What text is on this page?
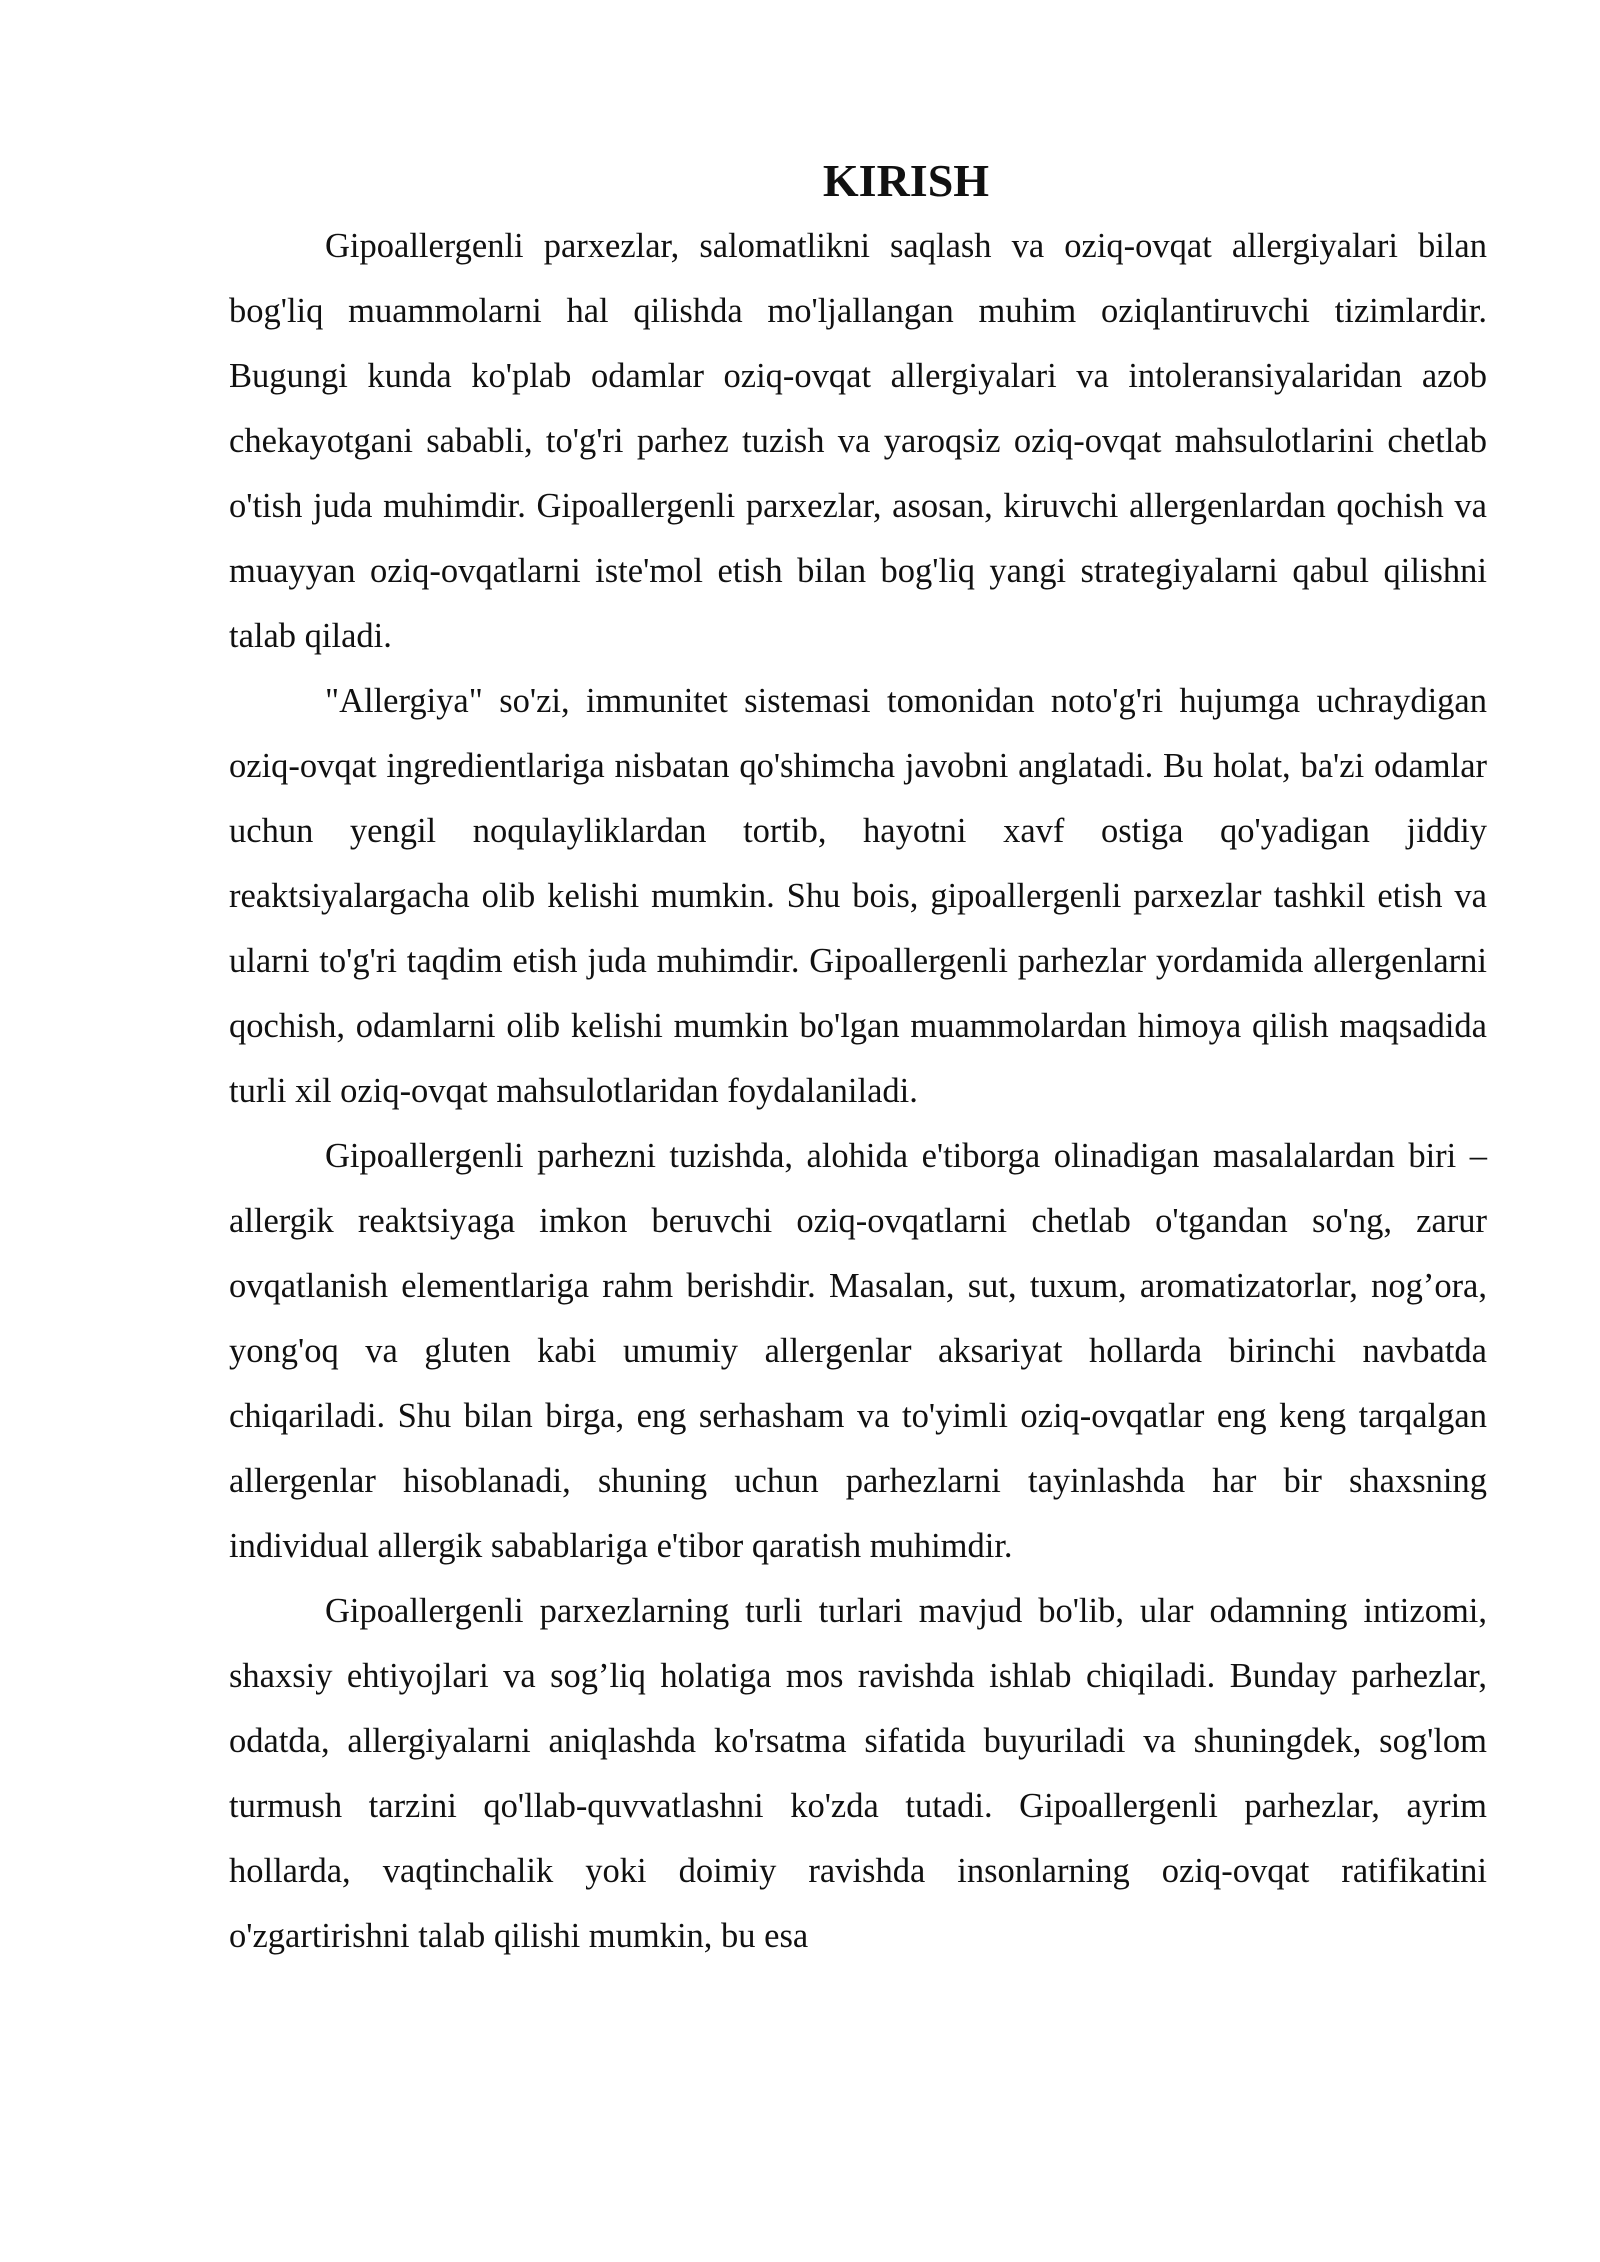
KIRISH

Gipoallergenli parxezlar, salomatlikni saqlash va oziq-ovqat allergiyalari bilan bog'liq muammolarni hal qilishda mo'ljallangan muhim oziqlantiruvchi tizimlardir. Bugungi kunda ko'plab odamlar oziq-ovqat allergiyalari va intoleransiyalaridan azob chekayotgani sababli, to'g'ri parhez tuzish va yaroqsiz oziq-ovqat mahsulotlarini chetlab o'tish juda muhimdir. Gipoallergenli parxezlar, asosan, kiruvchi allergenlardan qochish va muayyan oziq-ovqatlarni iste'mol etish bilan bog'liq yangi strategiyalarni qabul qilishni talab qiladi.

"Allergiya" so'zi, immunitet sistemasi tomonidan noto'g'ri hujumga uchraydigan oziq-ovqat ingredientlariga nisbatan qo'shimcha javobni anglatadi. Bu holat, ba'zi odamlar uchun yengil noqulayliklardan tortib, hayotni xavf ostiga qo'yadigan jiddiy reaktsiyalargacha olib kelishi mumkin. Shu bois, gipoallergenli parxezlar tashkil etish va ularni to'g'ri taqdim etish juda muhimdir. Gipoallergenli parhezlar yordamida allergenlarni qochish, odamlarni olib kelishi mumkin bo'lgan muammolardan himoya qilish maqsadida turli xil oziq-ovqat mahsulotlaridan foydalaniladi.

Gipoallergenli parhezni tuzishda, alohida e'tiborga olinadigan masalalardan biri – allergik reaktsiyaga imkon beruvchi oziq-ovqatlarni chetlab o'tgandan so'ng, zarur ovqatlanish elementlariga rahm berishdir. Masalan, sut, tuxum, aromatizatorlar, nog’ora, yong'oq va gluten kabi umumiy allergenlar aksariyat hollarda birinchi navbatda chiqariladi. Shu bilan birga, eng serhasham va to'yimli oziq-ovqatlar eng keng tarqalgan allergenlar hisoblanadi, shuning uchun parhezlarni tayinlashda har bir shaxsning individual allergik sabablariga e'tibor qaratish muhimdir.

Gipoallergenli parxezlarning turli turlari mavjud bo'lib, ular odamning intizomi, shaxsiy ehtiyojlari va sog’liq holatiga mos ravishda ishlab chiqiladi. Bunday parhezlar, odatda, allergiyalarni aniqlashda ko'rsatma sifatida buyuriladi va shuningdek, sog'lom turmush tarzini qo'llab-quvvatlashni ko'zda tutadi. Gipoallergenli parhezlar, ayrim hollarda, vaqtinchalik yoki doimiy ravishda insonlarning oziq-ovqat ratifikatini o'zgartirishni talab qilishi mumkin, bu esa
